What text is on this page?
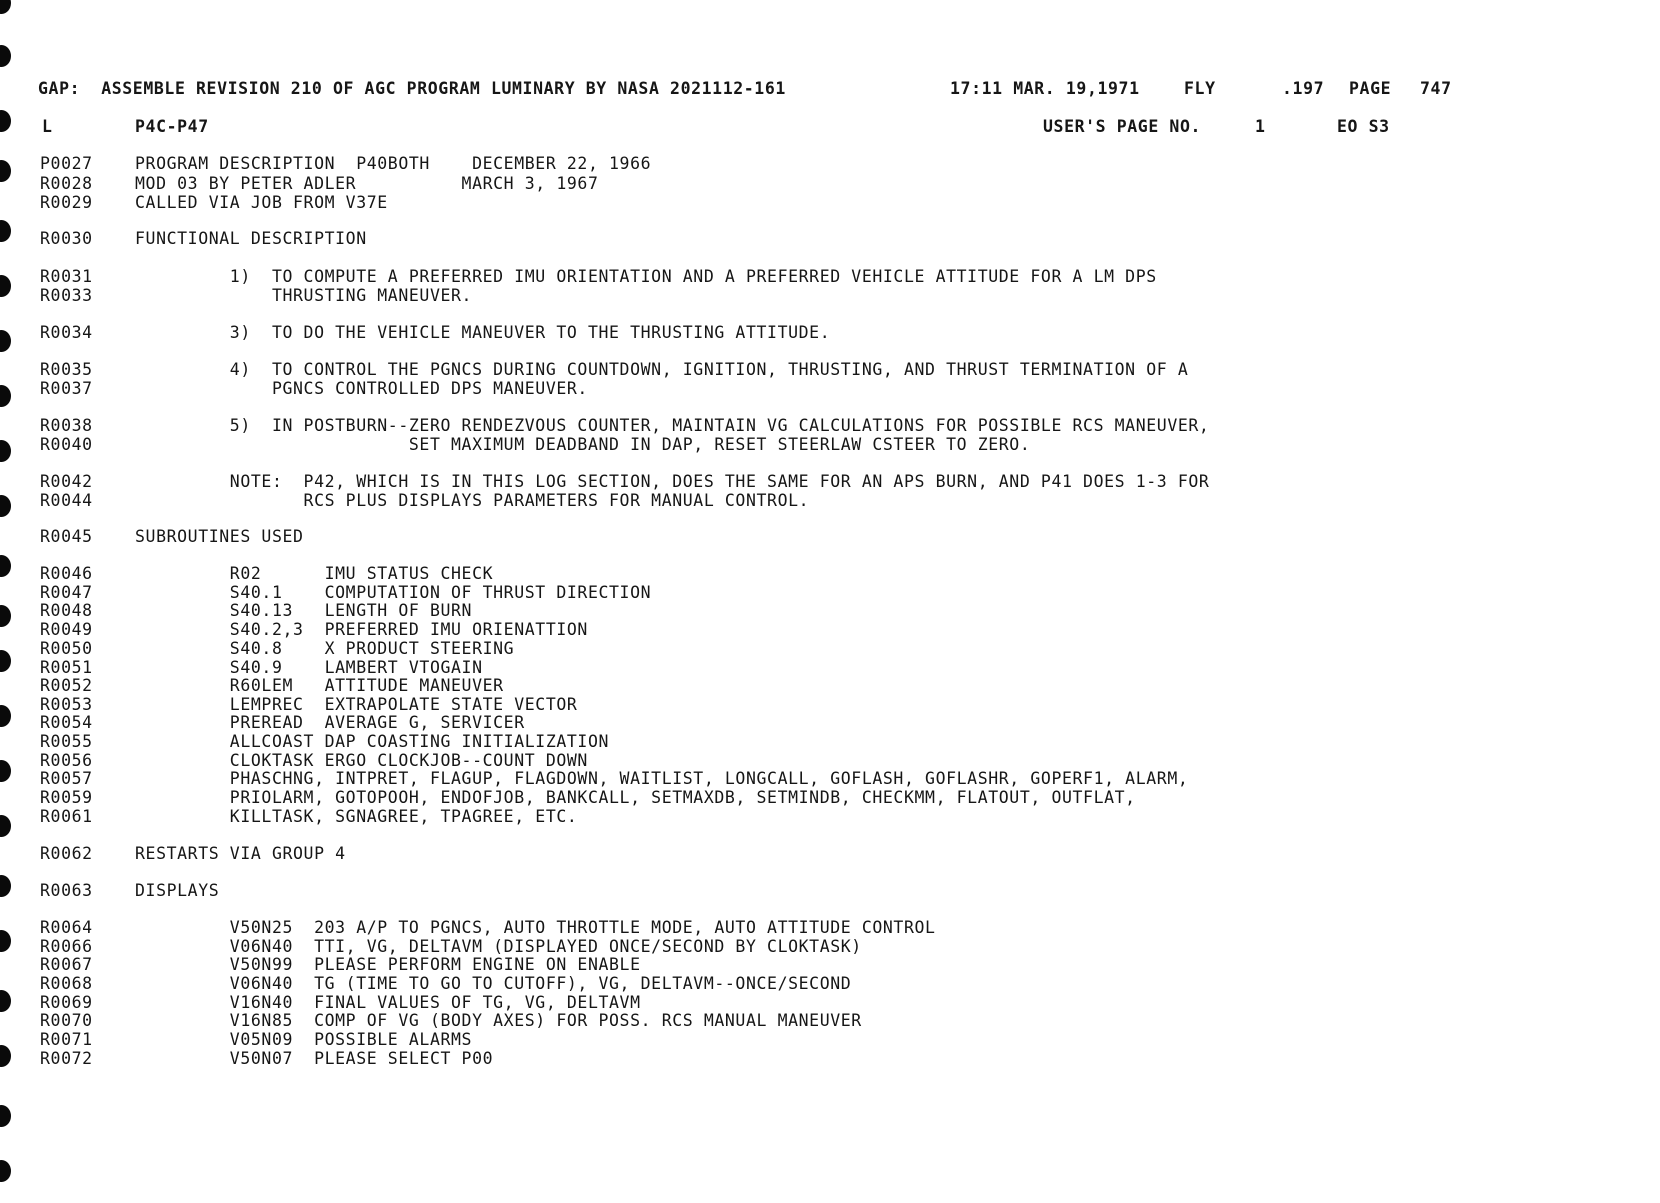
GAP:  ASSEMBLE REVISION 210 OF AGC PROGRAM LUMINARY BY NASA 2021112-161	17:11 MAR. 19,1971	FLY	.197 PAGE 747
L	P4C-P47	USER'S PAGE NO.	1	EO S3
P0027	PROGRAM DESCRIPTION  P40BOTH    DECEMBER 22, 1966
R0028	MOD 03 BY PETER ADLER          MARCH 3, 1967
R0029	CALLED VIA JOB FROM V37E
R0030	FUNCTIONAL DESCRIPTION
R0031	1)  TO COMPUTE A PREFERRED IMU ORIENTATION AND A PREFERRED VEHICLE ATTITUDE FOR A LM DPS
R0033	THRUSTING MANEUVER.
R0034	3)  TO DO THE VEHICLE MANEUVER TO THE THRUSTING ATTITUDE.
R0035	4)  TO CONTROL THE PGNCS DURING COUNTDOWN, IGNITION, THRUSTING, AND THRUST TERMINATION OF A
R0037	PGNCS CONTROLLED DPS MANEUVER.
R0038	5)  IN POSTBURN--ZERO RENDEZVOUS COUNTER, MAINTAIN VG CALCULATIONS FOR POSSIBLE RCS MANEUVER,
R0040	SET MAXIMUM DEADBAND IN DAP, RESET STEERLAW CSTEER TO ZERO.
R0042	NOTE:  P42, WHICH IS IN THIS LOG SECTION, DOES THE SAME FOR AN APS BURN, AND P41 DOES 1-3 FOR
R0044	RCS PLUS DISPLAYS PARAMETERS FOR MANUAL CONTROL.
R0045	SUBROUTINES USED
R0046	R02      IMU STATUS CHECK
R0047	S40.1    COMPUTATION OF THRUST DIRECTION
R0048	S40.13   LENGTH OF BURN
R0049	S40.2,3  PREFERRED IMU ORIENATTION
R0050	S40.8    X PRODUCT STEERING
R0051	S40.9    LAMBERT VTOGAIN
R0052	R60LEM   ATTITUDE MANEUVER
R0053	LEMPREC  EXTRAPOLATE STATE VECTOR
R0054	PREREAD  AVERAGE G, SERVICER
R0055	ALLCOAST DAP COASTING INITIALIZATION
R0056	CLOKTASK ERGO CLOCKJOB--COUNT DOWN
R0057	PHASCHNG, INTPRET, FLAGUP, FLAGDOWN, WAITLIST, LONGCALL, GOFLASH, GOFLASHR, GOPERF1, ALARM,
R0059	PRIOLARM, GOTOPOOH, ENDOFJOB, BANKCALL, SETMAXDB, SETMINDB, CHECKMM, FLATOUT, OUTFLAT,
R0061	KILLTASK, SGNAGREE, TPAGREE, ETC.
R0062	RESTARTS VIA GROUP 4
R0063	DISPLAYS
R0064	V50N25  203 A/P TO PGNCS, AUTO THROTTLE MODE, AUTO ATTITUDE CONTROL
R0066	V06N40  TTI, VG, DELTAVM (DISPLAYED ONCE/SECOND BY CLOKTASK)
R0067	V50N99  PLEASE PERFORM ENGINE ON ENABLE
R0068	V06N40  TG (TIME TO GO TO CUTOFF), VG, DELTAVM--ONCE/SECOND
R0069	V16N40  FINAL VALUES OF TG, VG, DELTAVM
R0070	V16N85  COMP OF VG (BODY AXES) FOR POSS. RCS MANUAL MANEUVER
R0071	V05N09  POSSIBLE ALARMS
R0072	V50N07  PLEASE SELECT P00
